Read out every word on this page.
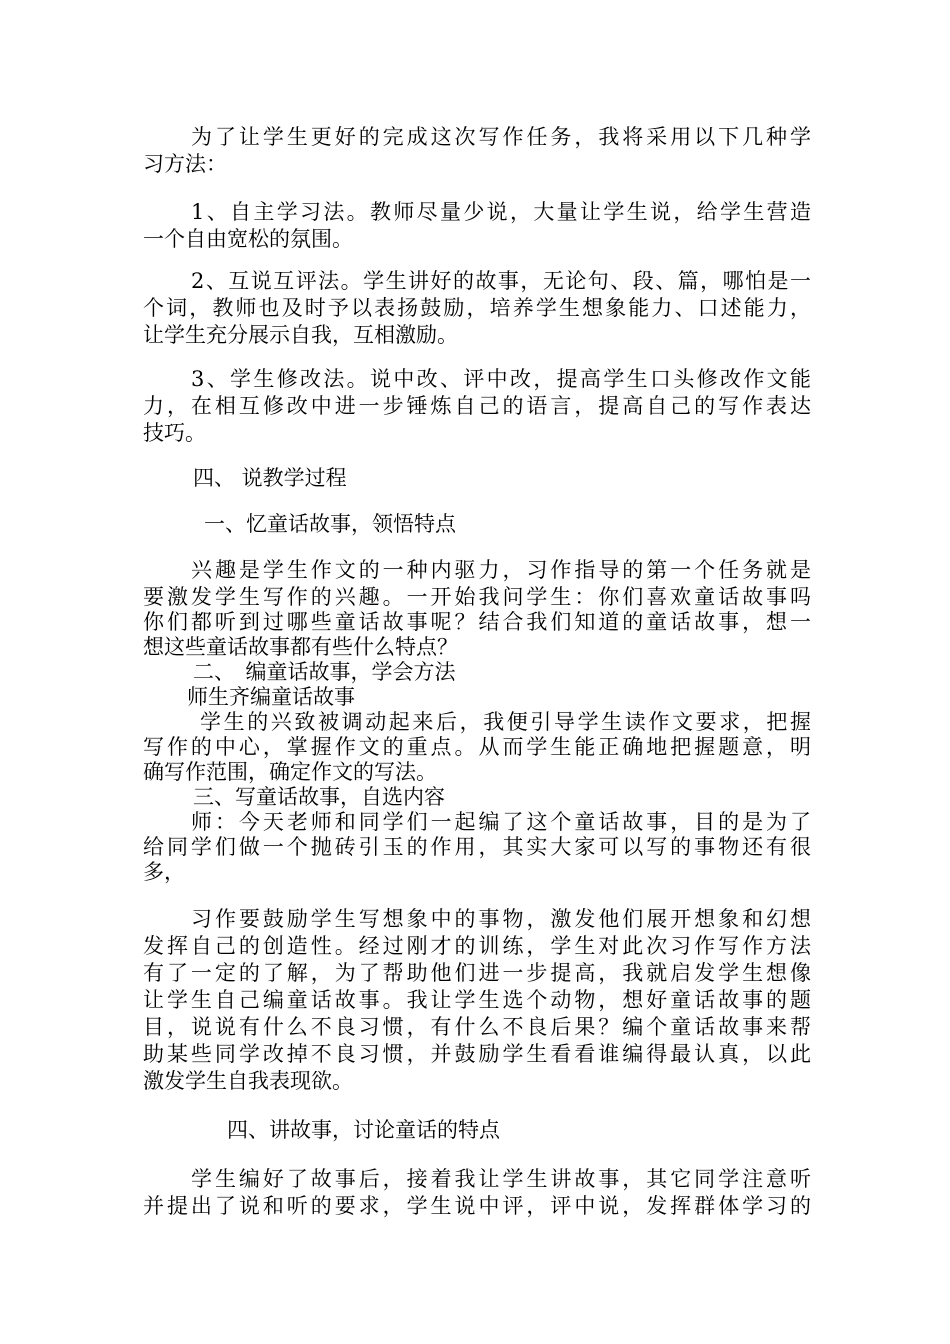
为了让学生更好的完成这次写作任务，我将采用以下几种学
习方法：
1、自主学习法。教师尽量少说，大量让学生说，给学生营造
一个自由宽松的氛围。
2、互说互评法。学生讲好的故事，无论句、段、篇，哪怕是一
个词，教师也及时予以表扬鼓励，培养学生想象能力、口述能力，
让学生充分展示自我，互相激励。
3、学生修改法。说中改、评中改，提高学生口头修改作文能
力，在相互修改中进一步锤炼自己的语言，提高自己的写作表达
技巧。
四、 说教学过程
一、忆童话故事，领悟特点
兴趣是学生作文的一种内驱力，习作指导的第一个任务就是
要激发学生写作的兴趣。一开始我问学生：你们喜欢童话故事吗
你们都听到过哪些童话故事呢？结合我们知道的童话故事，想一
想这些童话故事都有些什么特点？
二、　编童话故事，学会方法
师生齐编童话故事
学生的兴致被调动起来后，我便引导学生读作文要求，把握
写作的中心，掌握作文的重点。从而学生能正确地把握题意，明
确写作范围，确定作文的写法。
三、写童话故事，自选内容
师：今天老师和同学们一起编了这个童话故事，目的是为了
给同学们做一个抛砖引玉的作用，其实大家可以写的事物还有很
多，
习作要鼓励学生写想象中的事物，激发他们展开想象和幻想
发挥自己的创造性。经过刚才的训练，学生对此次习作写作方法
有了一定的了解，为了帮助他们进一步提高，我就启发学生想像
让学生自己编童话故事。我让学生选个动物，想好童话故事的题
目，说说有什么不良习惯，有什么不良后果？编个童话故事来帮
助某些同学改掉不良习惯，并鼓励学生看看谁编得最认真，以此
激发学生自我表现欲。
四、讲故事，讨论童话的特点
学生编好了故事后，接着我让学生讲故事，其它同学注意听
并提出了说和听的要求，学生说中评，评中说，发挥群体学习的
